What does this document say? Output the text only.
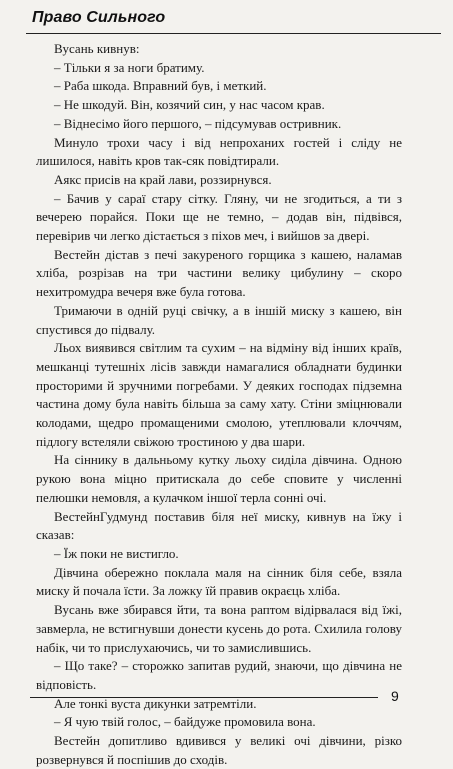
Право Сильного

Вусань кивнув:

– Тільки я за ноги братиму.

– Раба шкода. Вправний був, і меткий.

– Не шкодуй. Він, козячий син, у нас часом крав.

– Віднесімо його першого, – підсумував остривник.

Минуло трохи часу і від непроханих гостей і сліду не лишилося, навіть кров так-сяк повідтирали.

Аякс присів на край лави, роззирнувся.

– Бачив у сараї стару сітку. Гляну, чи не згодиться, а ти з вечерею порайся. Поки ще не темно, – додав він, підвівся, перевірив чи легко дістається з піхов меч, і вийшов за двері.

Вестейн дістав з печі закуреного горщика з кашею, наламав хліба, розрізав на три частини велику цибулину – скоро нехитромудра вечеря вже була готова.

Тримаючи в одній руці свічку, а в іншій миску з кашею, він спустився до підвалу.

Льох виявився світлим та сухим – на відміну від інших країв, мешканці тутешніх лісів завжди намагалися обладнати будинки просторими й зручними погребами. У деяких господах підземна частина дому була навіть більша за саму хату. Стіни зміцнювали колодами, щедро промащеними смолою, утеплювали клоччям, підлогу встеляли свіжою тростиною у два шари.

На сіннику в дальньому кутку льоху сиділа дівчина. Одною рукою вона міцно притискала до себе сповите у численні пелюшки немовля, а кулачком іншої терла сонні очі.

ВестейнГудмунд поставив біля неї миску, кивнув на їжу і сказав:

– Їж поки не вистигло.

Дівчина обережно поклала маля на сінник біля себе, взяла миску й почала їсти. За ложку їй правив окраєць хліба.

Вусань вже збирався йти, та вона раптом відірвалася від їжі, завмерла, не встигнувши донести кусень до рота. Схилила голову набік, чи то прислухаючись, чи то замислившись.

– Що таке? – сторожко запитав рудий, знаючи, що дівчина не відповість.

Але тонкі вуста дикунки затремтіли.

– Я чую твій голос, – байдуже промовила вона.

Вестейн допитливо вдивився у великі очі дівчини, різко розвернувся й поспішив до сходів.

9
